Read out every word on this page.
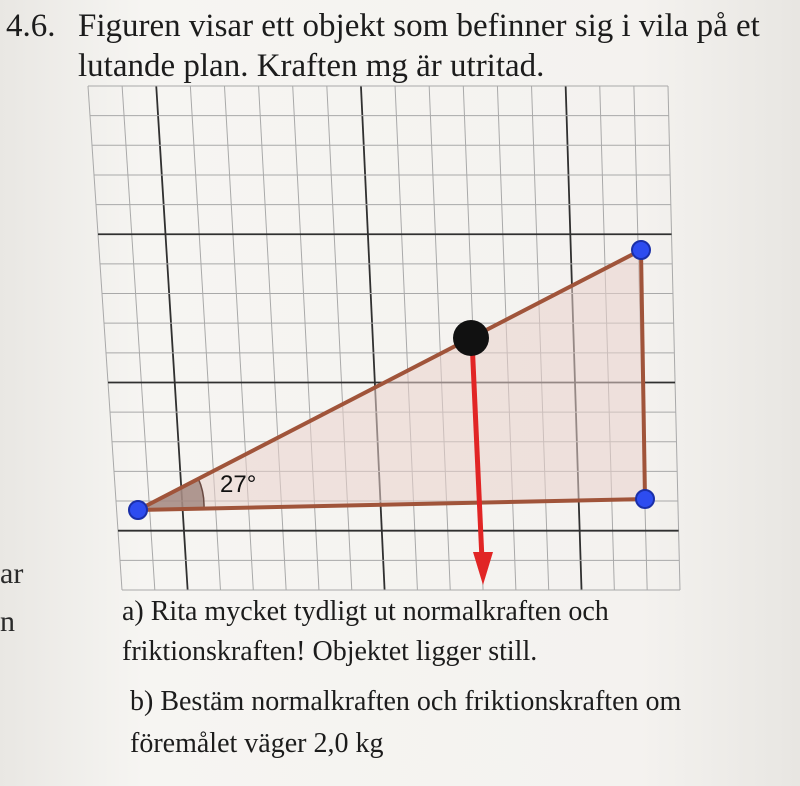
4.6. Figuren visar ett objekt som befinner sig i vila på et
lutande plan. Kraften mg är utritad.
27°
ar
n	a) Rita mycket tydligt ut normalkraften och
friktionskraften! Objektet ligger still.
b) Bestäm normalkraften och friktionskraften om
föremålet väger 2,0 kg
